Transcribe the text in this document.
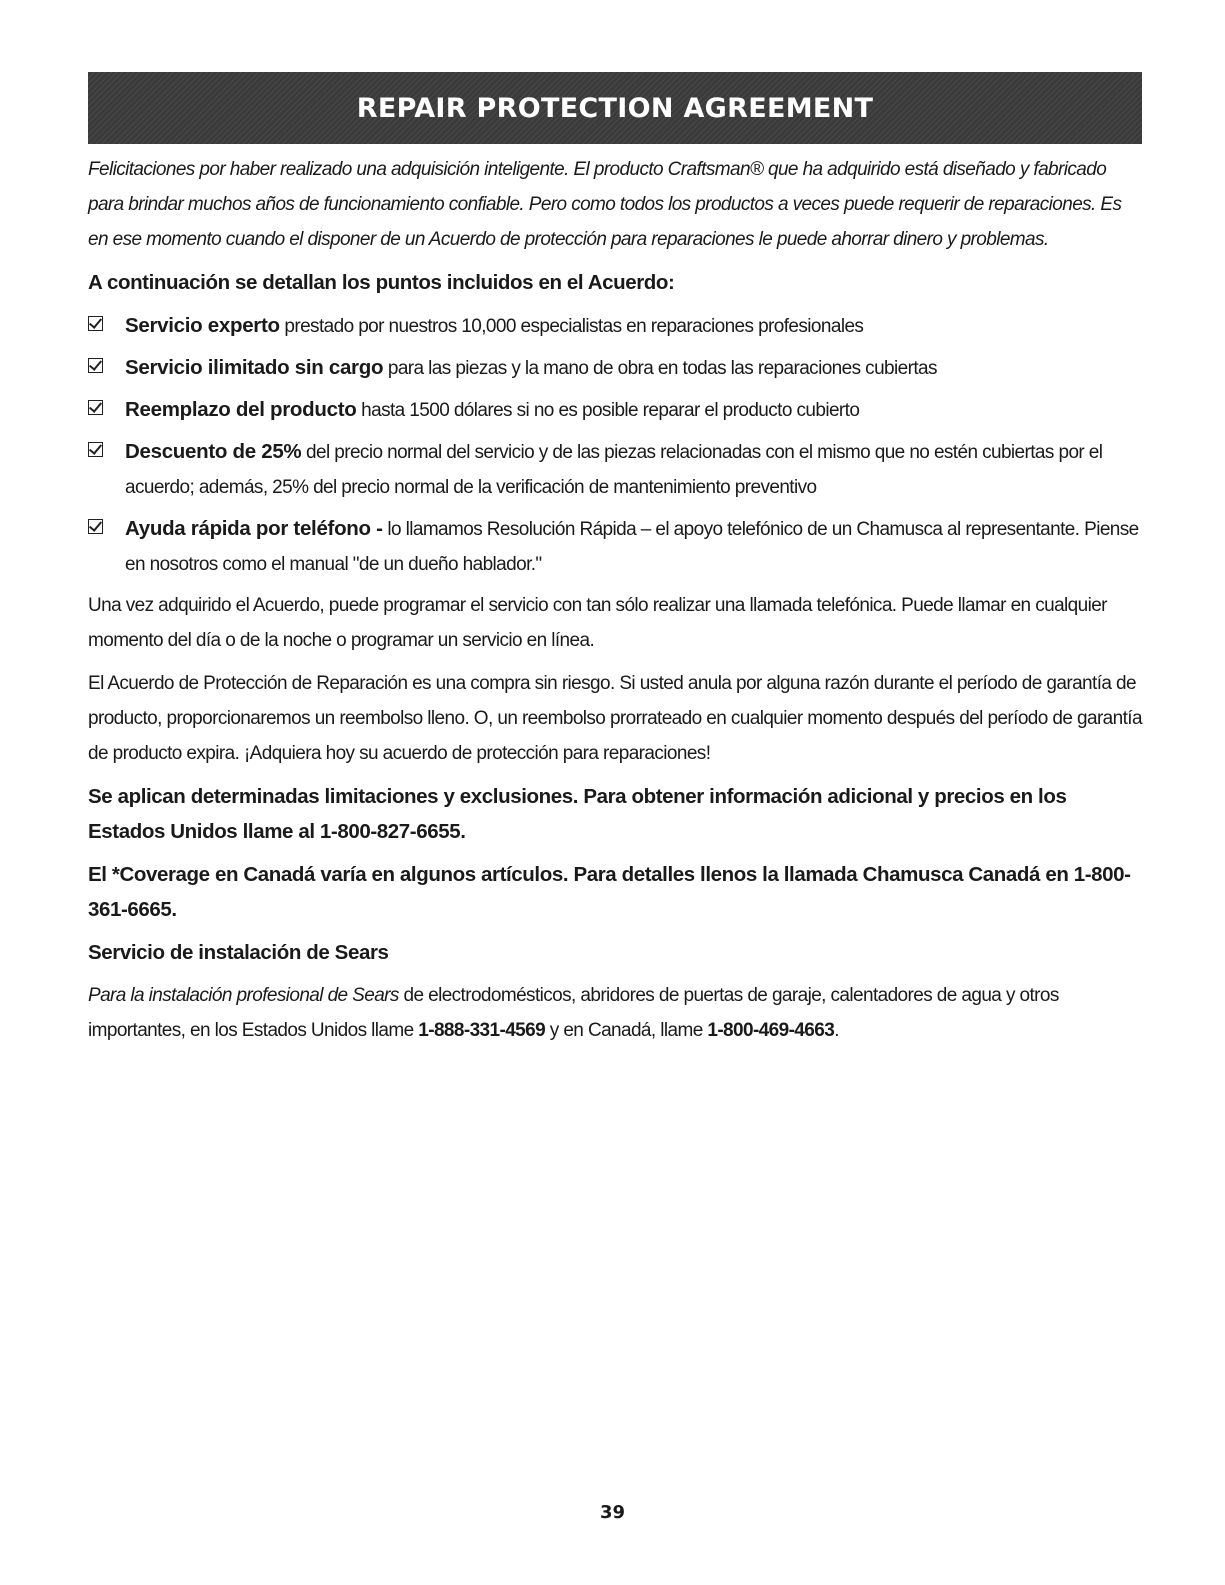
REPAIR PROTECTION AGREEMENT

Felicitaciones por haber realizado una adquisición inteligente. El producto Craftsman® que ha adquirido está diseñado y fabricado para brindar muchos años de funcionamiento confiable. Pero como todos los productos a veces puede requerir de reparaciones. Es en ese momento cuando el disponer de un Acuerdo de protección para reparaciones le puede ahorrar dinero y problemas.

A continuación se detallan los puntos incluidos en el Acuerdo:

Servicio experto prestado por nuestros 10,000 especialistas en reparaciones profesionales
Servicio ilimitado sin cargo para las piezas y la mano de obra en todas las reparaciones cubiertas
Reemplazo del producto hasta 1500 dólares si no es posible reparar el producto cubierto
Descuento de 25% del precio normal del servicio y de las piezas relacionadas con el mismo que no estén cubiertas por el acuerdo; además, 25% del precio normal de la verificación de mantenimiento preventivo
Ayuda rápida por teléfono - lo llamamos Resolución Rápida – el apoyo telefónico de un Chamusca al representante. Piense en nosotros como el manual "de un dueño hablador."

Una vez adquirido el Acuerdo, puede programar el servicio con tan sólo realizar una llamada telefónica. Puede llamar en cualquier momento del día o de la noche o programar un servicio en línea.

El Acuerdo de Protección de Reparación es una compra sin riesgo. Si usted anula por alguna razón durante el período de garantía de producto, proporcionaremos un reembolso lleno. O, un reembolso prorrateado en cualquier momento después del período de garantía de producto expira. ¡Adquiera hoy su acuerdo de protección para reparaciones!

Se aplican determinadas limitaciones y exclusiones. Para obtener información adicional y precios en los Estados Unidos llame al 1-800-827-6655.

El *Coverage en Canadá varía en algunos artículos. Para detalles llenos la llamada Chamusca Canadá en 1-800-361-6665.

Servicio de instalación de Sears

Para la instalación profesional de Sears de electrodomésticos, abridores de puertas de garaje, calentadores de agua y otros importantes, en los Estados Unidos llame 1-888-331-4569 y en Canadá, llame 1-800-469-4663.

39
